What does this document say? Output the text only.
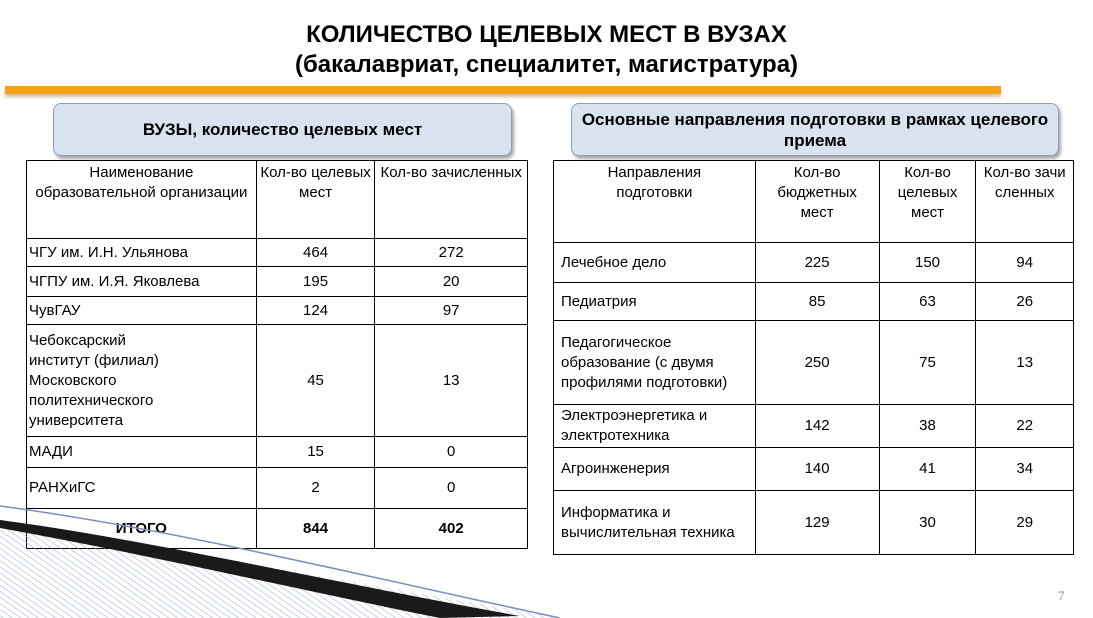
КОЛИЧЕСТВО ЦЕЛЕВЫХ МЕСТ В ВУЗАХ
(бакалавриат, специалитет, магистратура)
ВУЗЫ, количество целевых мест
Основные направления подготовки в рамках целевого приема
Наименование образовательной организации	Кол-во целевых мест	Кол-во зачисленных
ЧГУ им. И.Н. Ульянова	464	272
ЧГПУ им. И.Я. Яковлева	195	20
ЧувГАУ	124	97
Чебоксарский институт (филиал) Московского политехнического университета	45	13
МАДИ	15	0
РАНХиГС	2	0
ИТОГО	844	402
Направления подготовки	Кол-во бюджетных мест	Кол-во целевых мест	Кол-во зачисленных
Лечебное дело	225	150	94
Педиатрия	85	63	26
Педагогическое образование (с двумя профилями подготовки)	250	75	13
Электроэнергетика и электротехника	142	38	22
Агроинженерия	140	41	34
Информатика и вычислительная техника	129	30	29
7
